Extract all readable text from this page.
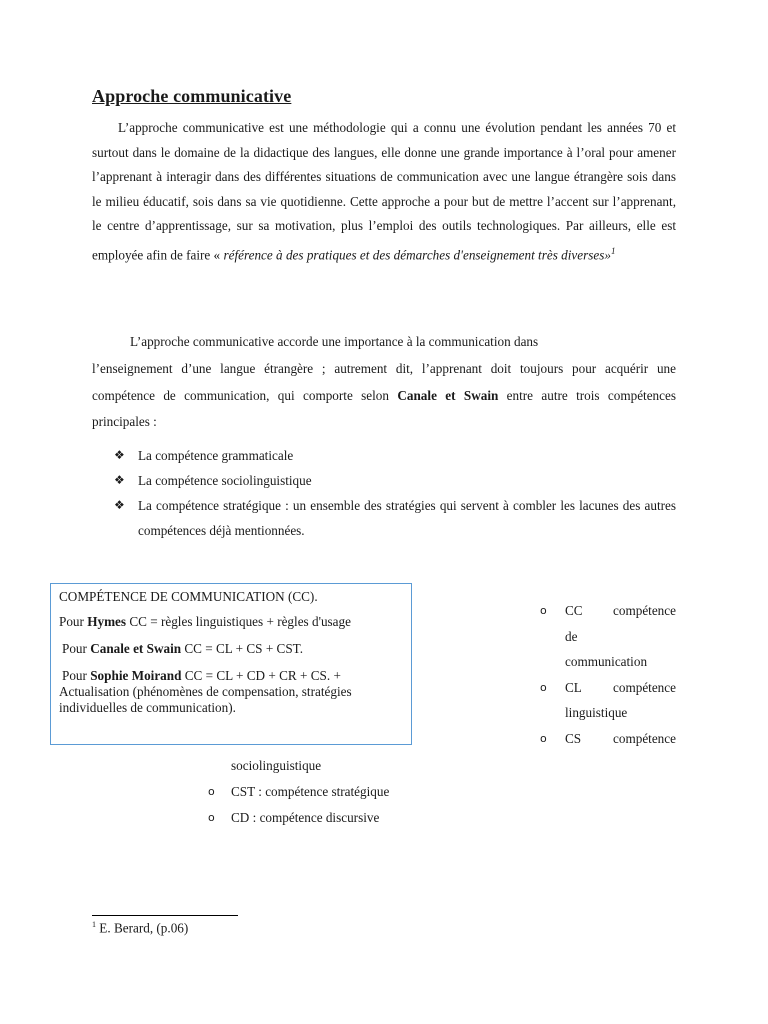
Approche communicative

L’approche communicative est une méthodologie qui a connu une évolution pendant les années 70 et surtout dans le domaine de la didactique des langues, elle donne une grande importance à l’oral pour amener l’apprenant à interagir dans des différentes situations de communication avec une langue étrangère sois dans le milieu éducatif, sois dans sa vie quotidienne. Cette approche a pour but de mettre l’accent sur l’apprenant, le centre d’apprentissage, sur sa motivation, plus l’emploi des outils technologiques. Par ailleurs, elle est employée afin de faire « référence à des pratiques et des démarches d'enseignement très diverses»$^1$

L’approche communicative accorde une importance à la communication dans
l’enseignement d’une langue étrangère ; autrement dit, l’apprenant doit toujours pour acquérir une compétence de communication, qui comporte selon Canale et Swain entre autre trois compétences principales :

❖ La compétence grammaticale
❖ La compétence sociolinguistique
❖ La compétence stratégique : un ensemble des stratégies qui servent à combler les lacunes des autres compétences déjà mentionnées.

COMPÉTENCE DE COMMUNICATION (CC).

Pour Hymes CC = règles linguistiques + règles d'usage

Pour Canale et Swain CC = CL + CS + CST.

Pour Sophie Moirand CC = CL + CD + CR + CS. +
Actualisation (phénomènes de compensation, stratégies individuelles de communication).

o CC compétence
de
communication
o CL compétence
linguistique
o CS compétence
sociolinguistique
o CST : compétence stratégique
o CD : compétence discursive
$^1$ E. Berard, (p.06)
